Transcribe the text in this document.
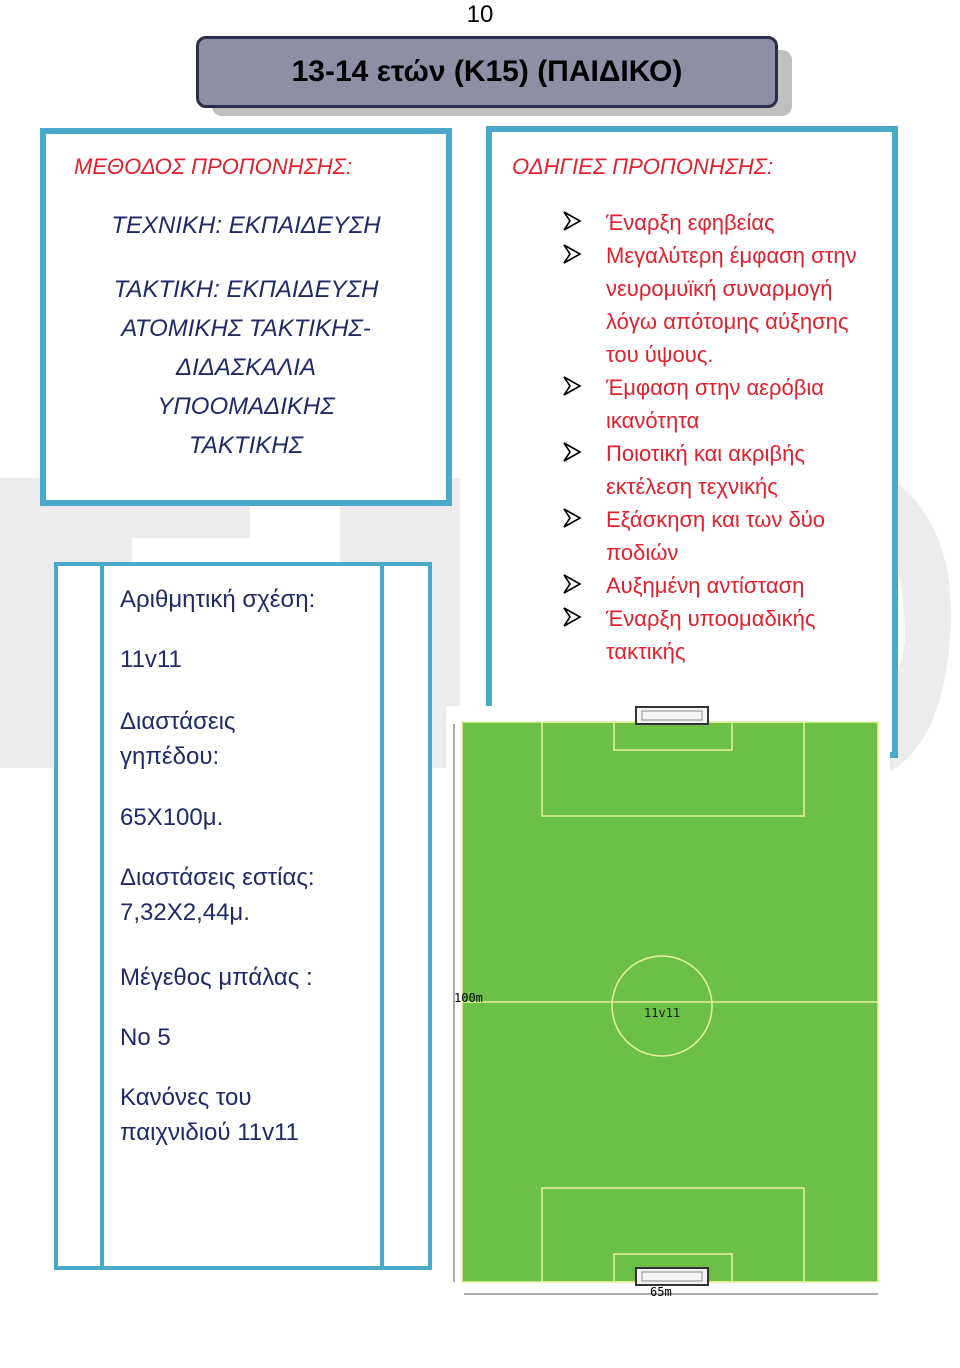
10
13-14 ετών (Κ15) (ΠΑΙΔΙΚΟ)
ΜΕΘΟΔΟΣ ΠΡΟΠΟΝΗΣΗΣ:
ΤΕΧΝΙΚΗ: ΕΚΠΑΙΔΕΥΣΗ
ΤΑΚΤΙΚΗ: ΕΚΠΑΙΔΕΥΣΗ
ΑΤΟΜΙΚΗΣ ΤΑΚΤΙΚΗΣ-
ΔΙΔΑΣΚΑΛΙΑ
ΥΠΟΟΜΑΔΙΚΗΣ
ΤΑΚΤΙΚΗΣ
ΟΔΗΓΙΕΣ ΠΡΟΠΟΝΗΣΗΣ:
Έναρξη εφηβείας
Μεγαλύτερη έμφαση στην νευρομυϊκή συναρμογή λόγω απότομης αύξησης του ύψους.
Έμφαση στην αερόβια ικανότητα
Ποιοτική και ακριβής εκτέλεση τεχνικής
Εξάσκηση και των δύο ποδιών
Αυξημένη αντίσταση
Έναρξη υποομαδικής τακτικής
Αριθμητική σχέση:
11v11
Διαστάσεις
γηπέδου:
65Χ100μ.
Διαστάσεις εστίας:
7,32Χ2,44μ.
Μέγεθος μπάλας :
No 5
Κανόνες του
παιχνιδιού 11v11
100m
65m
11v11
